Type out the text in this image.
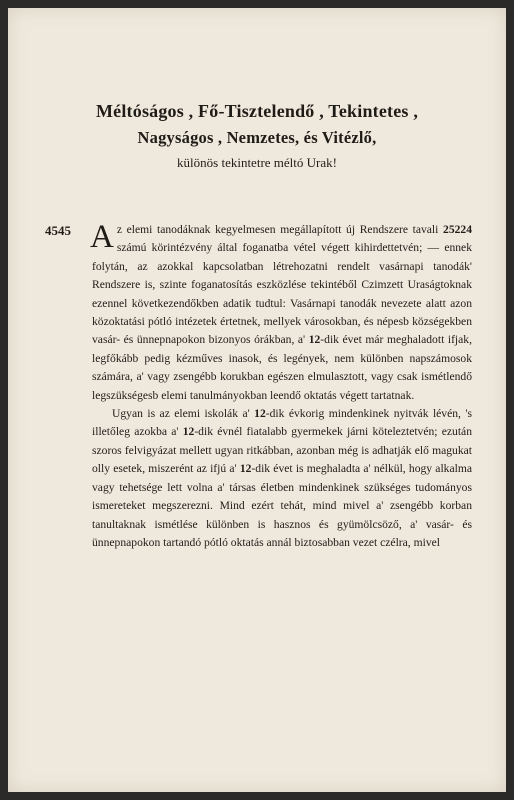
Méltóságos , Fő-Tisztelendő , Tekintetes ,
Nagyságos , Nemzetes, és Vitézlő,
különös tekintetre méltó Urak!
4545 Az elemi tanodáknak kegyelmesen megállapított új Rendszere tavali 25224 számú körintézvény által foganatba vétel végett kihirdettetvén; — ennek folytán, az azokkal kapcsolatban létrehozatni rendelt vasárnapi tanodák' Rendszere is, szinte foganatosítás eszközlése tekintéből Czimzett Uraságtoknak ezennel következendőkben adatik tudtul: Vasárnapi tanodák nevezete alatt azon közoktatási pótló intézetek értetnek, mellyek városokban, és népesb községekben vasár- és ünnepnapokon bizonyos órákban, a' 12-dik évet már meghaladott ifjak, legfőkább pedig kézműves inasok, és legények, nem különben napszámosok számára, a' vagy zsengébb korukban egészen elmulasztott, vagy csak ismétlendő legszükségesb elemi tanulmányokban leendő oktatás végett tartatnak.

Ugyan is az elemi iskolák a' 12-dik évkorig mindenkinek nyitvák lévén, 's illetőleg azokba a' 12-dik évnél fiatalabb gyermekek járni köteleztetvén; ezután szoros felvigyázat mellett ugyan ritkábban, azonban még is adhatják elő magukat olly esetek, miszerént az ifjú a' 12-dik évet is meghaladta a' nélkül, hogy alkalma vagy tehetsége lett volna a' társas életben mindenkinek szükséges tudományos ismereteket megszerezni. Mind ezért tehát, mind mivel a' zsengébb korban tanultaknak ismétlése különben is hasznos és gyümölcsöző, a' vasár- és ünnepnapokon tartandó pótló oktatás annál biztosabban vezet czélra, mivel
